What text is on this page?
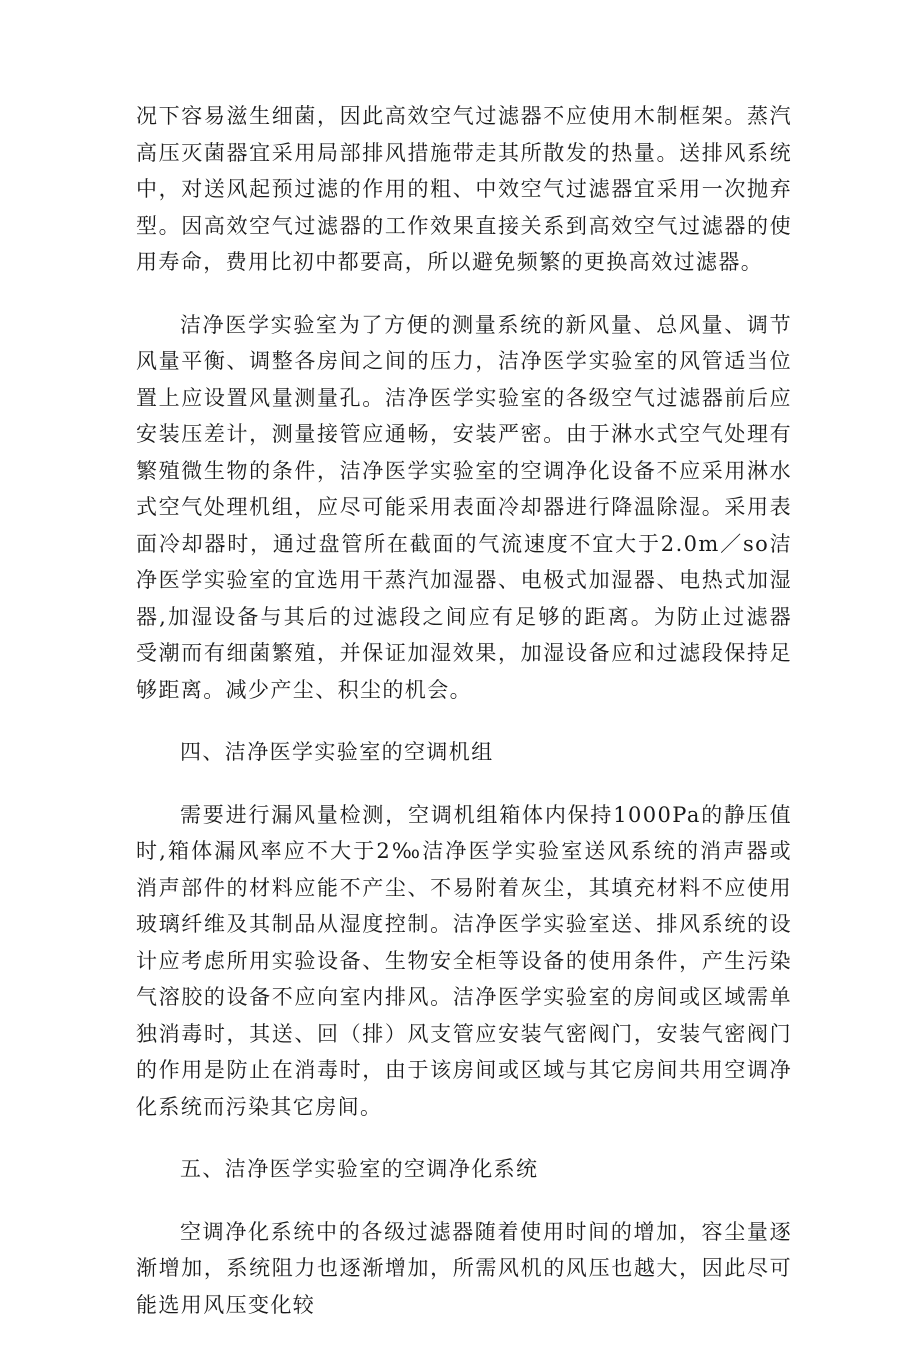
况下容易滋生细菌，因此高效空气过滤器不应使用木制框架。蒸汽高压灭菌器宜采用局部排风措施带走其所散发的热量。送排风系统中，对送风起预过滤的作用的粗、中效空气过滤器宜采用一次抛弃型。因高效空气过滤器的工作效果直接关系到高效空气过滤器的使用寿命，费用比初中都要高，所以避免频繁的更换高效过滤器。

洁净医学实验室为了方便的测量系统的新风量、总风量、调节风量平衡、调整各房间之间的压力，洁净医学实验室的风管适当位置上应设置风量测量孔。洁净医学实验室的各级空气过滤器前后应安装压差计，测量接管应通畅，安装严密。由于淋水式空气处理有繁殖微生物的条件，洁净医学实验室的空调净化设备不应采用淋水式空气处理机组，应尽可能采用表面冷却器进行降温除湿。采用表面冷却器时，通过盘管所在截面的气流速度不宜大于2.0m／so洁净医学实验室的宜选用干蒸汽加湿器、电极式加湿器、电热式加湿器,加湿设备与其后的过滤段之间应有足够的距离。为防止过滤器受潮而有细菌繁殖，并保证加湿效果，加湿设备应和过滤段保持足够距离。减少产尘、积尘的机会。

四、洁净医学实验室的空调机组

需要进行漏风量检测，空调机组箱体内保持1000Pa的静压值时,箱体漏风率应不大于2‰洁净医学实验室送风系统的消声器或消声部件的材料应能不产尘、不易附着灰尘，其填充材料不应使用玻璃纤维及其制品从湿度控制。洁净医学实验室送、排风系统的设计应考虑所用实验设备、生物安全柜等设备的使用条件，产生污染气溶胶的设备不应向室内排风。洁净医学实验室的房间或区域需单独消毒时，其送、回（排）风支管应安装气密阀门，安装气密阀门的作用是防止在消毒时，由于该房间或区域与其它房间共用空调净化系统而污染其它房间。

五、洁净医学实验室的空调净化系统

空调净化系统中的各级过滤器随着使用时间的增加，容尘量逐渐增加，系统阻力也逐渐增加，所需风机的风压也越大，因此尽可能选用风压变化较
